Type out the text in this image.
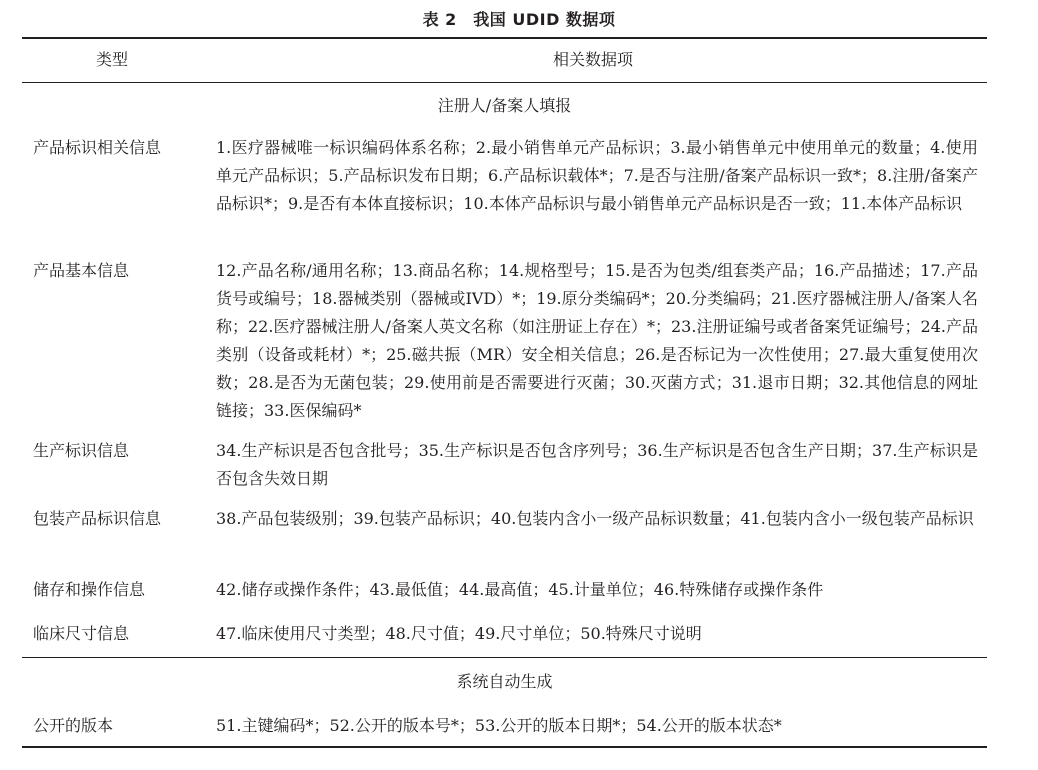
表 2　我国 UDID 数据项
类型	相关数据项
注册人/备案人填报
产品标识相关信息	1.医疗器械唯一标识编码体系名称；2.最小销售单元产品标识；3.最小销售单元中使用单元的数量；4.使用单元产品标识；5.产品标识发布日期；6.产品标识载体*；7.是否与注册/备案产品标识一致*；8.注册/备案产品标识*；9.是否有本体直接标识；10.本体产品标识与最小销售单元产品标识是否一致；11.本体产品标识
产品基本信息	12.产品名称/通用名称；13.商品名称；14.规格型号；15.是否为包类/组套类产品；16.产品描述；17.产品货号或编号；18.器械类别（器械或IVD）*；19.原分类编码*；20.分类编码；21.医疗器械注册人/备案人名称；22.医疗器械注册人/备案人英文名称（如注册证上存在）*；23.注册证编号或者备案凭证编号；24.产品类别（设备或耗材）*；25.磁共振（MR）安全相关信息；26.是否标记为一次性使用；27.最大重复使用次数；28.是否为无菌包装；29.使用前是否需要进行灭菌；30.灭菌方式；31.退市日期；32.其他信息的网址链接；33.医保编码*
生产标识信息	34.生产标识是否包含批号；35.生产标识是否包含序列号；36.生产标识是否包含生产日期；37.生产标识是否包含失效日期
包装产品标识信息	38.产品包装级别；39.包装产品标识；40.包装内含小一级产品标识数量；41.包装内含小一级包装产品标识
储存和操作信息	42.储存或操作条件；43.最低值；44.最高值；45.计量单位；46.特殊储存或操作条件
临床尺寸信息	47.临床使用尺寸类型；48.尺寸值；49.尺寸单位；50.特殊尺寸说明
系统自动生成
公开的版本	51.主键编码*；52.公开的版本号*；53.公开的版本日期*；54.公开的版本状态*
